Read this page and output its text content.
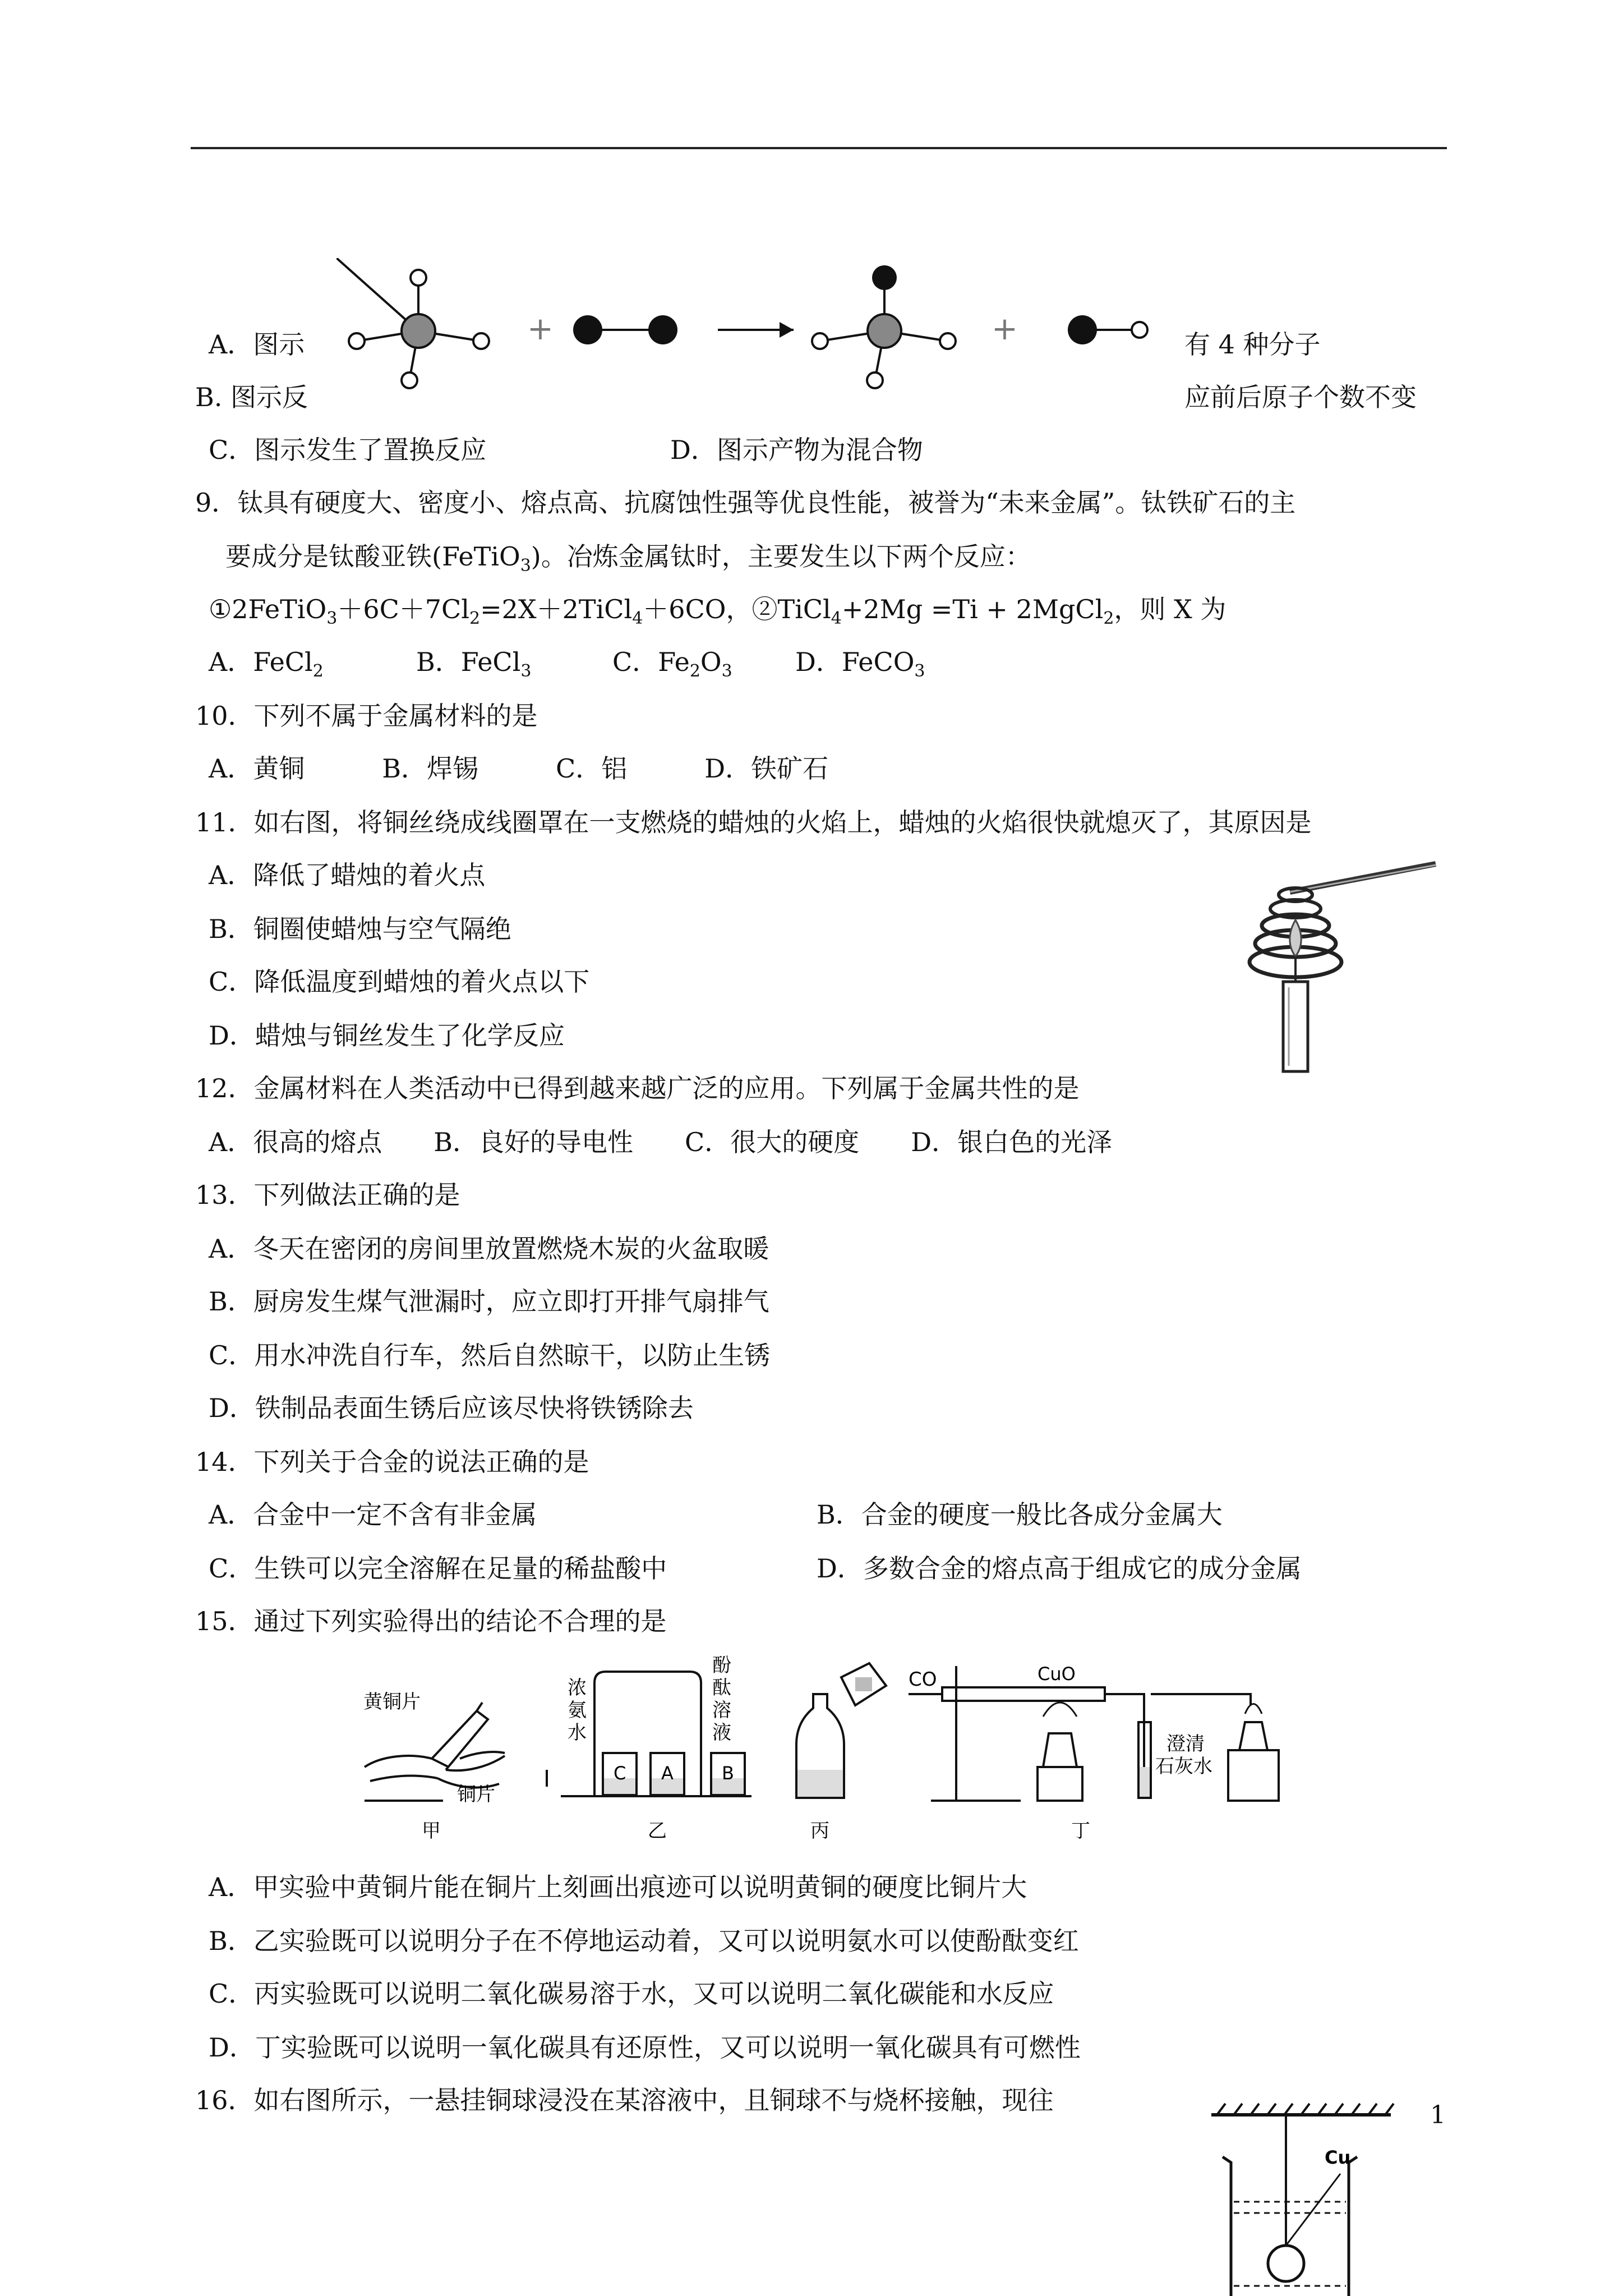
A．图示	有 4 种分子
B. 图示反	应前后原子个数不变
+	+
C．图示发生了置换反应	D．图示产物为混合物
9．钛具有硬度大、密度小、熔点高、抗腐蚀性强等优良性能，被誉为“未来金属”。钛铁矿石的主
要成分是钛酸亚铁(FeTiO$_3$)。冶炼金属钛时，主要发生以下两个反应：
$①2FeTiO_3+6C+7Cl_2=2X+2TiCl_4+6CO$，②TiCl$_4$+2Mg =Ti + 2MgCl$_2$，则 X 为
A．FeCl$_2$	B．FeCl$_3$	C．$Fe_2O_3$ D．FeCO$_3$
10．下列不属于金属材料的是
A．黄铜　　　B．焊锡　　　C．铝　　　D．铁矿石
11．如右图，将铜丝绕成线圈罩在一支燃烧的蜡烛的火焰上，蜡烛的火焰很快就熄灭了，其原因是
A．降低了蜡烛的着火点
B．铜圈使蜡烛与空气隔绝
C．降低温度到蜡烛的着火点以下
D．蜡烛与铜丝发生了化学反应
12．金属材料在人类活动中已得到越来越广泛的应用。下列属于金属共性的是
A．很高的熔点　　B．良好的导电性　　C．很大的硬度　　D．银白色的光泽
13．下列做法正确的是
A．冬天在密闭的房间里放置燃烧木炭的火盆取暖
B．厨房发生煤气泄漏时，应立即打开排气扇排气
C．用水冲洗自行车，然后自然晾干，以防止生锈
D．铁制品表面生锈后应该尽快将铁锈除去
14．下列关于合金的说法正确的是
A．合金中一定不含有非金属	B．合金的硬度一般比各成分金属大
C．生铁可以完全溶解在足量的稀盐酸中	D．多数合金的熔点高于组成它的成分金属
15．通过下列实验得出的结论不合理的是
黄铜片
铜片
甲
浓
氨
水
酚
酞
溶
液
C A	B
乙	丙
CO	CuO
澄清
石灰水
丁
A．甲实验中黄铜片能在铜片上刻画出痕迹可以说明黄铜的硬度比铜片大
B．乙实验既可以说明分子在不停地运动着，又可以说明氨水可以使酚酞变红
C．丙实验既可以说明二氧化碳易溶于水，又可以说明二氧化碳能和水反应
D．丁实验既可以说明一氧化碳具有还原性，又可以说明一氧化碳具有可燃性
16．如右图所示，一悬挂铜球浸没在某溶液中，且铜球不与烧杯接触，现往
Cu
1
